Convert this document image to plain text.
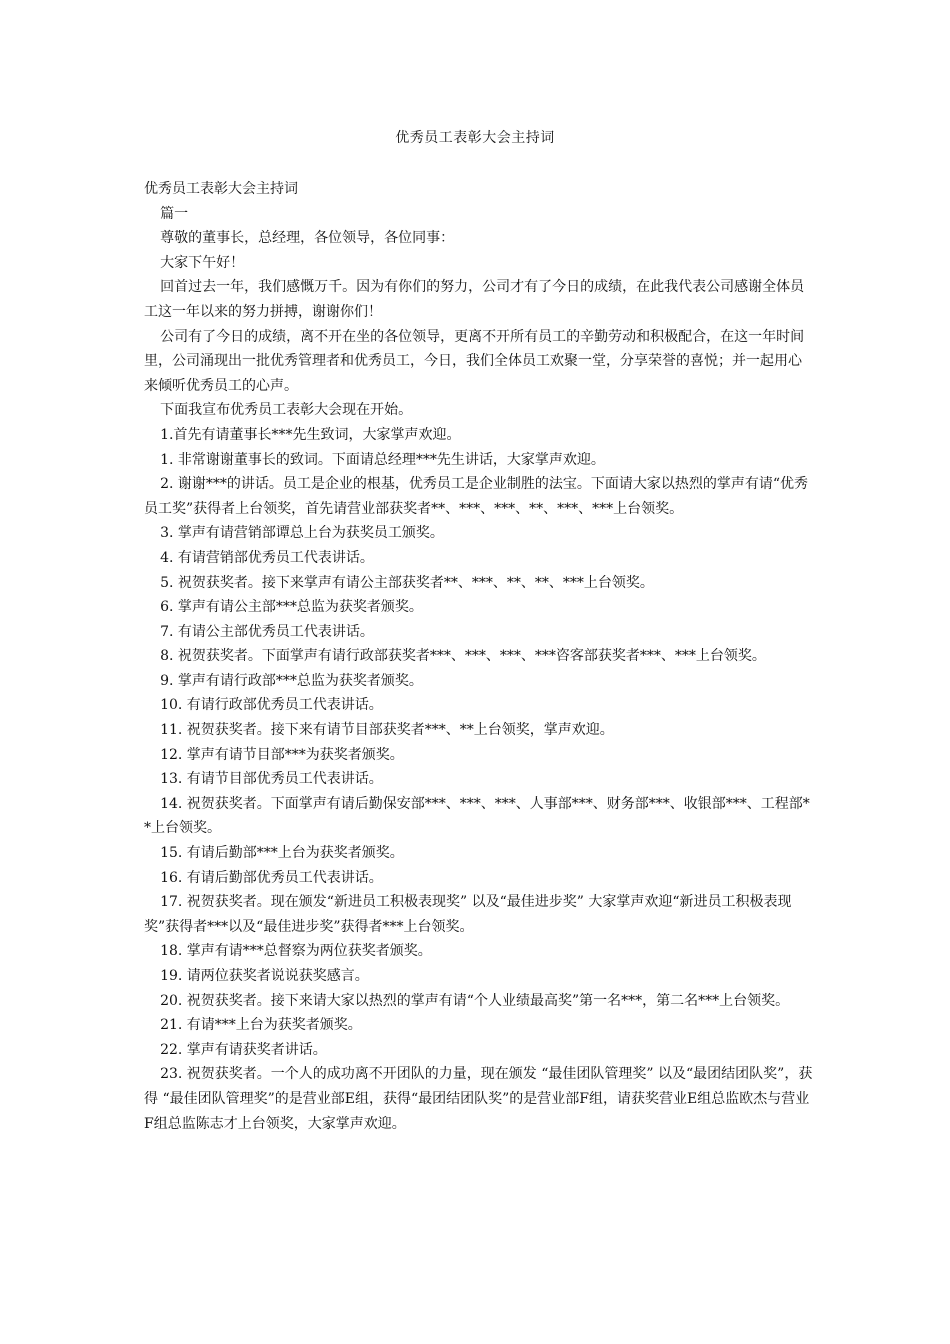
优秀员工表彰大会主持词

优秀员工表彰大会主持词

篇一

尊敬的董事长，总经理，各位领导，各位同事：

大家下午好！

回首过去一年，我们感慨万千。因为有你们的努力，公司才有了今日的成绩，在此我代表公司感谢全体员工这一年以来的努力拼搏，谢谢你们！

公司有了今日的成绩，离不开在坐的各位领导，更离不开所有员工的辛勤劳动和积极配合，在这一年时间里，公司涌现出一批优秀管理者和优秀员工，今日，我们全体员工欢聚一堂，分享荣誉的喜悦；并一起用心来倾听优秀员工的心声。

下面我宣布优秀员工表彰大会现在开始。

1.首先有请董事长***先生致词，大家掌声欢迎。

1. 非常谢谢董事长的致词。下面请总经理***先生讲话，大家掌声欢迎。

2. 谢谢***的讲话。员工是企业的根基，优秀员工是企业制胜的法宝。下面请大家以热烈的掌声有请“优秀员工奖”获得者上台领奖，首先请营业部获奖者**、***、***、**、***、***上台领奖。

3. 掌声有请营销部谭总上台为获奖员工颁奖。

4. 有请营销部优秀员工代表讲话。

5. 祝贺获奖者。接下来掌声有请公主部获奖者**、***、**、**、***上台领奖。

6. 掌声有请公主部***总监为获奖者颁奖。

7. 有请公主部优秀员工代表讲话。

8. 祝贺获奖者。下面掌声有请行政部获奖者***、***、***、***咨客部获奖者***、***上台领奖。

9. 掌声有请行政部***总监为获奖者颁奖。

10. 有请行政部优秀员工代表讲话。

11. 祝贺获奖者。接下来有请节目部获奖者***、**上台领奖，掌声欢迎。

12. 掌声有请节目部***为获奖者颁奖。

13. 有请节目部优秀员工代表讲话。

14. 祝贺获奖者。下面掌声有请后勤保安部***、***、***、人事部***、财务部***、收银部***、工程部**上台领奖。

15. 有请后勤部***上台为获奖者颁奖。

16. 有请后勤部优秀员工代表讲话。

17. 祝贺获奖者。现在颁发“新进员工积极表现奖” 以及“最佳进步奖” 大家掌声欢迎“新进员工积极表现奖”获得者***以及“最佳进步奖”获得者***上台领奖。

18. 掌声有请***总督察为两位获奖者颁奖。

19. 请两位获奖者说说获奖感言。

20. 祝贺获奖者。接下来请大家以热烈的掌声有请“个人业绩最高奖”第一名***，第二名***上台领奖。

21. 有请***上台为获奖者颁奖。

22. 掌声有请获奖者讲话。

23. 祝贺获奖者。一个人的成功离不开团队的力量，现在颁发 “最佳团队管理奖” 以及“最团结团队奖”，获得 “最佳团队管理奖”的是营业部E组，获得“最团结团队奖”的是营业部F组，请获奖营业E组总监欧杰与营业F组总监陈志才上台领奖，大家掌声欢迎。
